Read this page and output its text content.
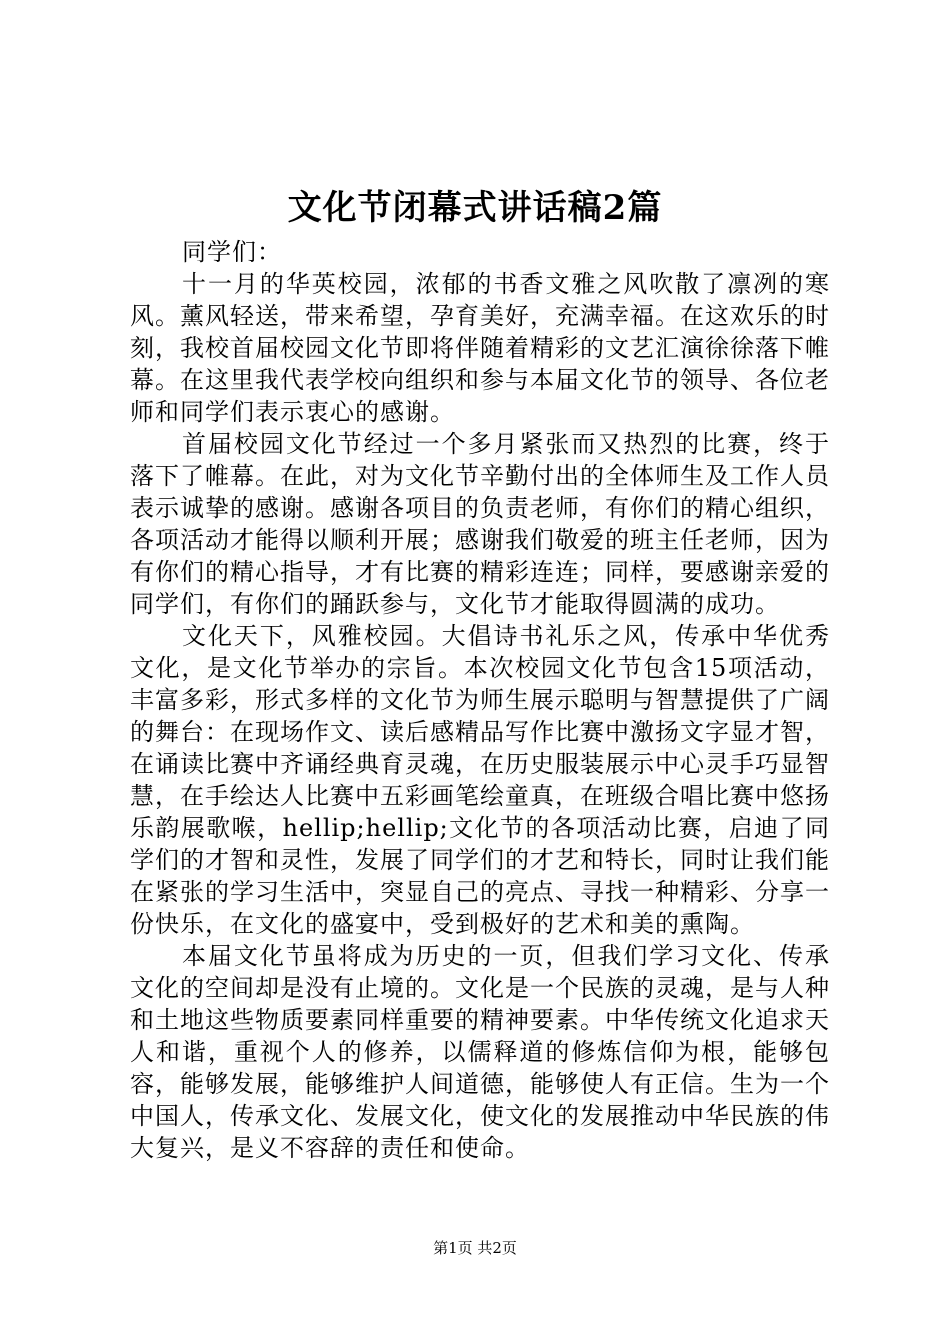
文化节闭幕式讲话稿2篇

同学们：

十一月的华英校园，浓郁的书香文雅之风吹散了凛冽的寒风。薰风轻送，带来希望，孕育美好，充满幸福。在这欢乐的时刻，我校首届校园文化节即将伴随着精彩的文艺汇演徐徐落下帷幕。在这里我代表学校向组织和参与本届文化节的领导、各位老师和同学们表示衷心的感谢。

首届校园文化节经过一个多月紧张而又热烈的比赛，终于落下了帷幕。在此，对为文化节辛勤付出的全体师生及工作人员表示诚挚的感谢。感谢各项目的负责老师，有你们的精心组织，各项活动才能得以顺利开展；感谢我们敬爱的班主任老师，因为有你们的精心指导，才有比赛的精彩连连；同样，要感谢亲爱的同学们，有你们的踊跃参与，文化节才能取得圆满的成功。

文化天下，风雅校园。大倡诗书礼乐之风，传承中华优秀文化，是文化节举办的宗旨。本次校园文化节包含15项活动，丰富多彩，形式多样的文化节为师生展示聪明与智慧提供了广阔的舞台：在现场作文、读后感精品写作比赛中激扬文字显才智，在诵读比赛中齐诵经典育灵魂，在历史服装展示中心灵手巧显智慧，在手绘达人比赛中五彩画笔绘童真，在班级合唱比赛中悠扬乐韵展歌喉，hellip;hellip;文化节的各项活动比赛，启迪了同学们的才智和灵性，发展了同学们的才艺和特长，同时让我们能在紧张的学习生活中，突显自己的亮点、寻找一种精彩、分享一份快乐，在文化的盛宴中，受到极好的艺术和美的熏陶。

本届文化节虽将成为历史的一页，但我们学习文化、传承文化的空间却是没有止境的。文化是一个民族的灵魂，是与人种和土地这些物质要素同样重要的精神要素。中华传统文化追求天人和谐，重视个人的修养，以儒释道的修炼信仰为根，能够包容，能够发展，能够维护人间道德，能够使人有正信。生为一个中国人，传承文化、发展文化，使文化的发展推动中华民族的伟大复兴，是义不容辞的责任和使命。

第1页 共2页
